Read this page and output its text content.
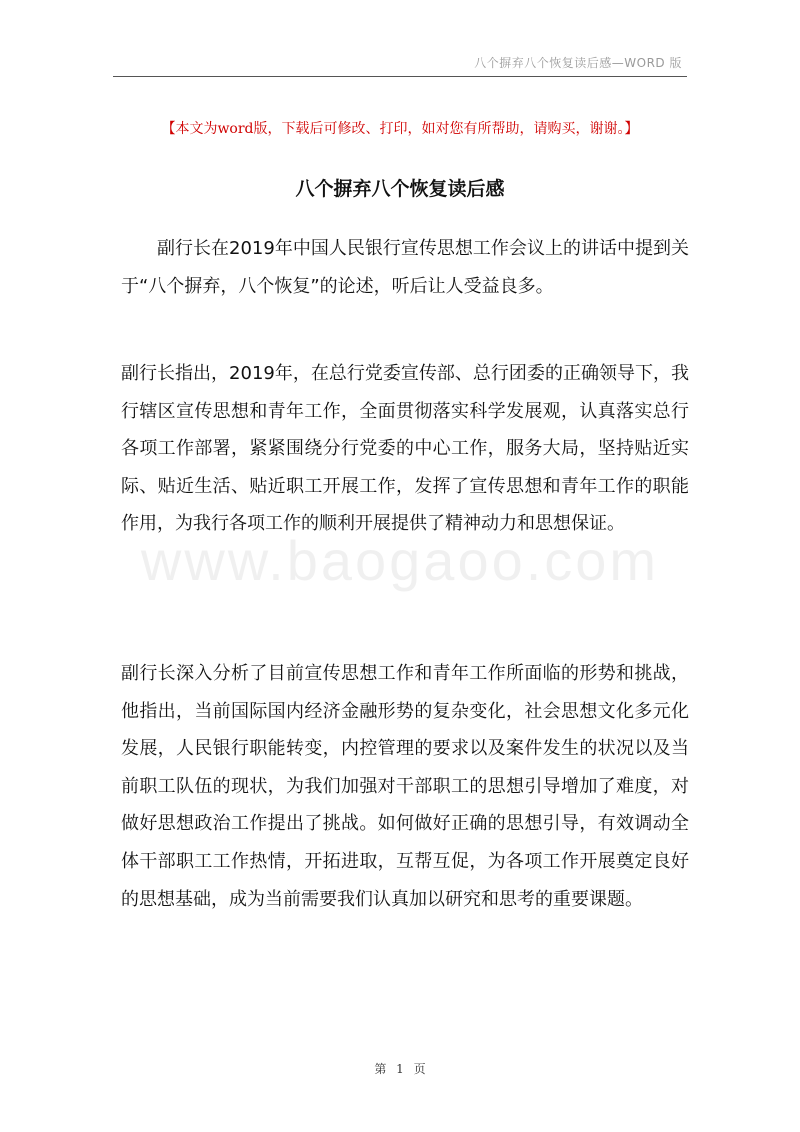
八个摒弃八个恢复读后感—WORD 版
【本文为word版，下载后可修改、打印，如对您有所帮助，请购买，谢谢。】
八个摒弃八个恢复读后感

副行长在2019年中国人民银行宣传思想工作会议上的讲话中提到关于“八个摒弃，八个恢复”的论述，听后让人受益良多。

副行长指出，2019年，在总行党委宣传部、总行团委的正确领导下，我行辖区宣传思想和青年工作，全面贯彻落实科学发展观，认真落实总行各项工作部署，紧紧围绕分行党委的中心工作，服务大局，坚持贴近实际、贴近生活、贴近职工开展工作，发挥了宣传思想和青年工作的职能作用，为我行各项工作的顺利开展提供了精神动力和思想保证。

副行长深入分析了目前宣传思想工作和青年工作所面临的形势和挑战，他指出，当前国际国内经济金融形势的复杂变化，社会思想文化多元化发展，人民银行职能转变，内控管理的要求以及案件发生的状况以及当前职工队伍的现状，为我们加强对干部职工的思想引导增加了难度，对做好思想政治工作提出了挑战。如何做好正确的思想引导，有效调动全体干部职工工作热情，开拓进取，互帮互促，为各项工作开展奠定良好的思想基础，成为当前需要我们认真加以研究和思考的重要课题。

www.baogaoo.com
第 1 页
